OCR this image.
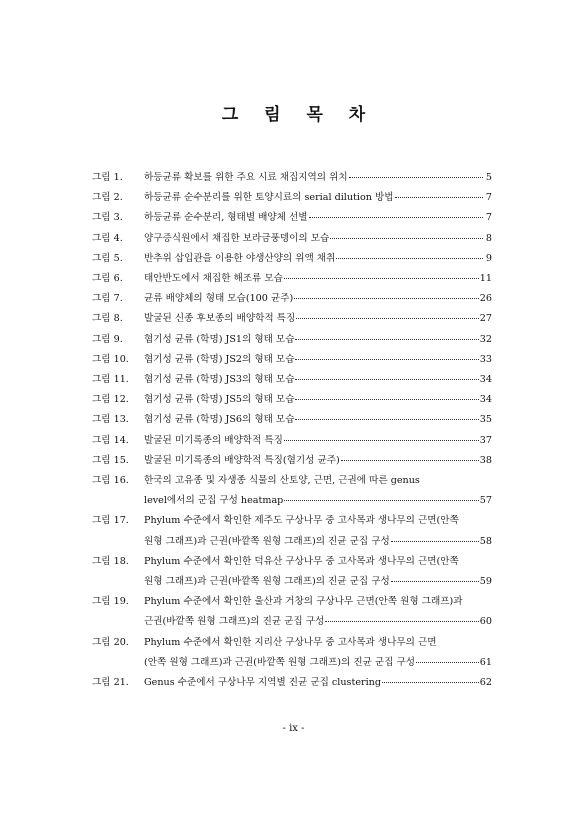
그 림 목 차
그림 1.	하등균류 확보를 위한 주요 시료 채집지역의 위치	5
그림 2.	하등균류 순수분리를 위한 토양시료의 serial dilution 방법	7
그림 3.	하등균류 순수분리, 형태별 배양체 선별	7
그림 4.	양구증식원에서 채집한 보라금풍뎅이의 모습	8
그림 5.	반추위 삽입관을 이용한 야생산양의 위액 채취	9
그림 6.	태안반도에서 채집한 해조류 모습	11
그림 7.	균류 배양체의 형태 모습(100 균주)	26
그림 8.	발굴된 신종 후보종의 배양학적 특징	27
그림 9.	혐기성 균류 (학명) JS1의 형태 모습	32
그림 10.	혐기성 균류 (학명) JS2의 형태 모습	33
그림 11.	혐기성 균류 (학명) JS3의 형태 모습	34
그림 12.	혐기성 균류 (학명) JS5의 형태 모습	34
그림 13.	혐기성 균류 (학명) JS6의 형태 모습	35
그림 14.	발굴된 미기록종의 배양학적 특징	37
그림 15.	발굴된 미기록종의 배양학적 특징(혐기성 균주)	38
그림 16.	한국의 고유종 및 자생종 식물의 산토양, 근면, 근권에 따른 genus
level에서의 군집 구성 heatmap	57
그림 17.	Phylum 수준에서 확인한 제주도 구상나무 중 고사목과 생나무의 근면(안쪽
원형 그래프)과 근권(바깥쪽 원형 그래프)의 진균 군집 구성	58
그림 18.	Phylum 수준에서 확인한 덕유산 구상나무 중 고사목과 생나무의 근면(안쪽
원형 그래프)과 근권(바깥쪽 원형 그래프)의 진균 군집 구성	59
그림 19.	Phylum 수준에서 확인한 울산과 거창의 구상나무 근면(안쪽 원형 그래프)과
근권(바깥쪽 원형 그래프)의 진균 군집 구성	60
그림 20.	Phylum 수준에서 확인한 지리산 구상나무 중 고사목과 생나무의 근면
(안쪽 원형 그래프)과 근권(바깥쪽 원형 그래프)의 진균 군집 구성	61
그림 21.	Genus 수준에서 구상나무 지역별 진균 군집 clustering	62
- ix -
